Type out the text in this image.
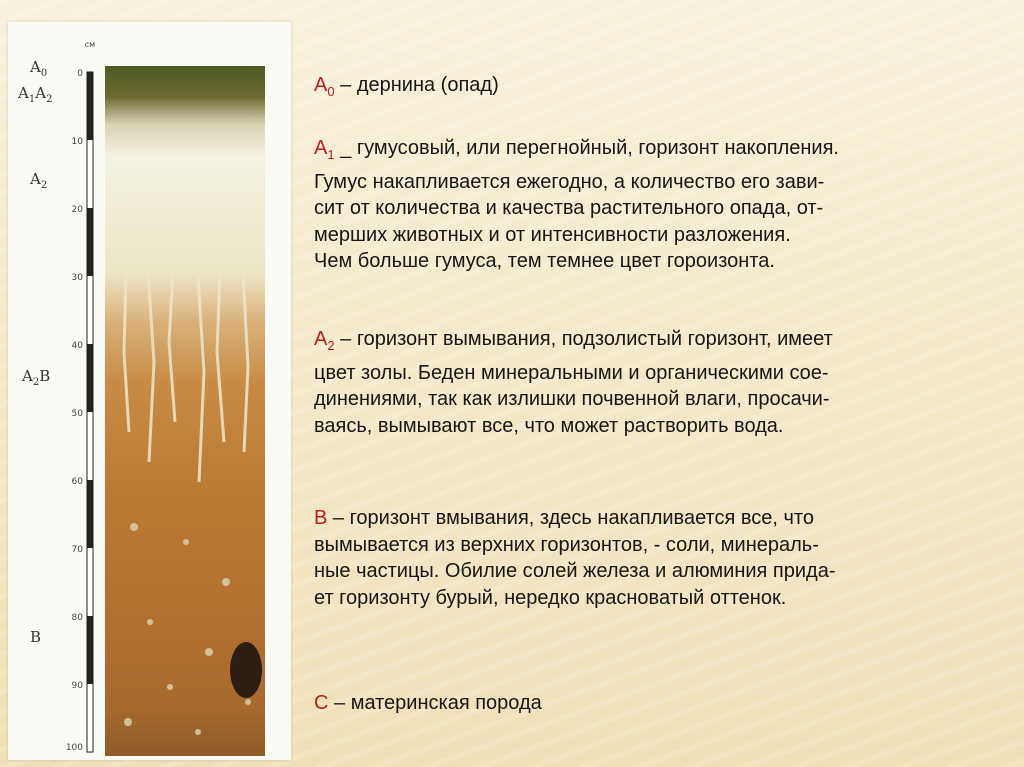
см
0
10
20
30
40
50
60
70
80
90
100
$A_0$
$A_1A_2$
$A_2$
$A_2B$
B

$A_0$ – дернина (опад)

$A_1$ _ гумусовый, или перегнойный, горизонт накопления.

Гумус накапливается ежегодно, а количество его зави-

сит от количества и качества растительного опада, от-

мерших животных и от интенсивности разложения.

Чем больше гумуса, тем темнее цвет гороизонта.

$A_2$ – горизонт вымывания, подзолистый горизонт, имеет

цвет золы. Беден минеральными и органическими сое-

динениями, так как излишки почвенной влаги, просачи-

ваясь, вымывают все, что может растворить вода.

B – горизонт вмывания, здесь накапливается все, что

вымывается из верхних горизонтов, - соли, минераль-

ные частицы. Обилие солей железа и алюминия прида-

ет горизонту бурый, нередко красноватый оттенок.

C – материнская порода
